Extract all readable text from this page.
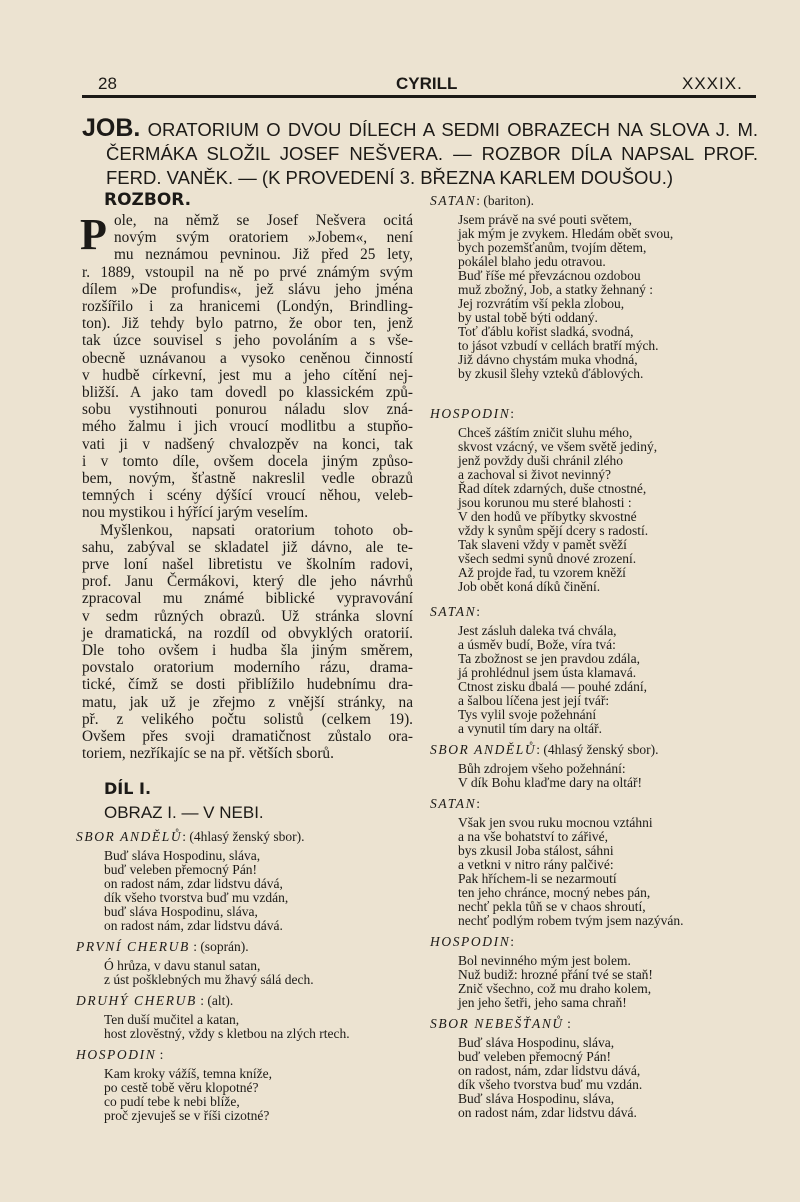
28	CYRILL	XXXIX.
JOB. ORATORIUM O DVOU DÍLECH A SEDMI OBRAZECH NA SLOVA J. M.
ČERMÁKA SLOŽIL JOSEF NEŠVERA. — ROZBOR DÍLA NAPSAL PROF.
FERD. VANĚK. — (K PROVEDENÍ 3. BŘEZNA KARLEM DOUŠOU.)
ROZBOR.
P ole, na němž se Josef Nešvera ocitá
novým svým oratoriem »Jobem«, není
mu neznámou pevninou. Již před 25 lety,
r. 1889, vstoupil na ně po prvé známým svým
dílem »De profundis«, jež slávu jeho jména
rozšířilo i za hranicemi (Londýn, Brindling-
ton). Již tehdy bylo patrno, že obor ten, jenž
tak úzce souvisel s jeho povoláním a s vše-
obecně uznávanou a vysoko ceněnou činností
v hudbě církevní, jest mu a jeho cítění nej-
bližší. A jako tam dovedl po klassickém způ-
sobu vystihnouti ponurou náladu slov zná-
mého žalmu i jich vroucí modlitbu a stupňo-
vati ji v nadšený chvalozpěv na konci, tak
i v tomto díle, ovšem docela jiným způso-
bem, novým, šťastně nakreslil vedle obrazů
temných i scény dýšící vroucí něhou, veleb-
nou mystikou i hýřící jarým veselím.
Myšlenkou, napsati oratorium tohoto ob-
sahu, zabýval se skladatel již dávno, ale te-
prve loní našel libretistu ve školním radovi,
prof. Janu Čermákovi, který dle jeho návrhů
zpracoval mu známé biblické vypravování
v sedm různých obrazů. Už stránka slovní
je dramatická, na rozdíl od obvyklých oratorií.
Dle toho ovšem i hudba šla jiným směrem,
povstalo oratorium moderního rázu, drama-
tické, čímž se dosti přiblížilo hudebnímu dra-
matu, jak už je zřejmo z vnější stránky, na
př. z velikého počtu solistů (celkem 19).
Ovšem přes svoji dramatičnost zůstalo ora-
toriem, nezříkajíc se na př. větších sborů.
DÍL I.
OBRAZ I. — V NEBI.
SBOR ANDĚLŮ: (4hlasý ženský sbor).
Buď sláva Hospodinu, sláva,
buď veleben přemocný Pán!
on radost nám, zdar lidstvu dává,
dík všeho tvorstva buď mu vzdán,
buď sláva Hospodinu, sláva,
on radost nám, zdar lidstvu dává.
PRVNÍ CHERUB : (soprán).
Ó hrůza, v davu stanul satan,
z úst pošklebných mu žhavý sálá dech.
DRUHÝ CHERUB : (alt).
Ten duší mučitel a katan,
host zlověstný, vždy s kletbou na zlých rtech.
HOSPODIN :
Kam kroky vážíš, temna kníže,
po cestě tobě věru klopotné?
co pudí tebe k nebi blíže,
proč zjevuješ se v říši cizotné?
SATAN: (bariton).
Jsem právě na své pouti světem,
jak mým je zvykem. Hledám obět svou,
bych pozemšťanům, tvojím dětem,
pokálel blaho jedu otravou.
Buď říše mé převzácnou ozdobou
muž zbožný, Job, a statky žehnaný :
Jej rozvrátím vší pekla zlobou,
by ustal tobě býti oddaný.
Toť ďáblu kořist sladká, svodná,
to jásot vzbudí v cellách bratří mých.
Již dávno chystám muka vhodná,
by zkusil šlehy vzteků ďáblových.
HOSPODIN:
Chceš záštím zničit sluhu mého,
skvost vzácný, ve všem světě jediný,
jenž povždy duši chránil zlého
a zachoval si život nevinný?
Řad dítek zdarných, duše ctnostné,
jsou korunou mu steré blahosti :
V den hodů ve příbytky skvostné
vždy k synům spějí dcery s radostí.
Tak slaveni vždy v pamět svěží
všech sedmi synů dnové zrození.
Až projde řad, tu vzorem kněží
Job obět koná díků činění.
SATAN:
Jest zásluh daleka tvá chvála,
a úsměv budí, Bože, víra tvá:
Ta zbožnost se jen pravdou zdála,
já prohlédnul jsem ústa klamavá.
Ctnost zisku dbalá — pouhé zdání,
a šalbou líčena jest její tvář:
Tys vylil svoje požehnání
a vynutil tím dary na oltář.
SBOR ANDĚLŮ: (4hlasý ženský sbor).
Bůh zdrojem všeho požehnání:
V dík Bohu klaďme dary na oltář!
SATAN:
Však jen svou ruku mocnou vztáhni
a na vše bohatství to zářivé,
bys zkusil Joba stálost, sáhni
a vetkni v nitro rány palčivé:
Pak hříchem-li se nezarmoutí
ten jeho chránce, mocný nebes pán,
nechť pekla tůň se v chaos shroutí,
nechť podlým robem tvým jsem nazýván.
HOSPODIN:
Bol nevinného mým jest bolem.
Nuž budiž: hrozné přání tvé se staň!
Znič všechno, což mu draho kolem,
jen jeho šetři, jeho sama chraň!
SBOR NEBEŠŤANŮ :
Buď sláva Hospodinu, sláva,
buď veleben přemocný Pán!
on radost, nám, zdar lidstvu dává,
dík všeho tvorstva buď mu vzdán.
Buď sláva Hospodinu, sláva,
on radost nám, zdar lidstvu dává.
